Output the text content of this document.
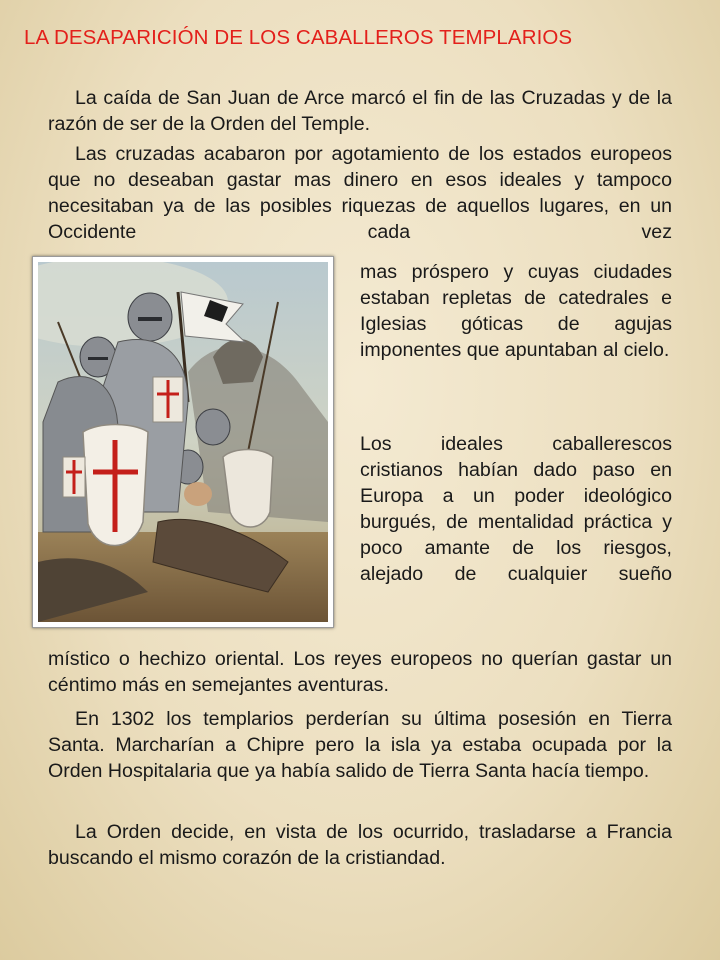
LA DESAPARICIÓN DE LOS CABALLEROS TEMPLARIOS

La caída de San Juan de Arce marcó el fin de las Cruzadas y de la razón de ser de la Orden del Temple.

Las cruzadas acabaron por agotamiento de los estados europeos que no deseaban gastar mas dinero en esos ideales y tampoco necesitaban ya de las posibles riquezas de aquellos lugares, en un Occidente cada vez

mas próspero y cuyas ciudades estaban repletas de catedrales e Iglesias góticas de agujas imponentes que apuntaban al cielo.

Los ideales caballerescos cristianos habían dado paso en Europa a un poder ideológico burgués, de mentalidad práctica y poco amante de los riesgos, alejado de cualquier sueño

místico o hechizo oriental. Los reyes europeos no querían gastar un céntimo más en semejantes aventuras.

En 1302 los templarios perderían su última posesión en Tierra Santa. Marcharían a Chipre pero la isla ya estaba ocupada por la Orden Hospitalaria que ya había salido de Tierra Santa hacía tiempo.

La Orden decide, en vista de los ocurrido, trasladarse a Francia buscando el mismo corazón de la cristiandad.
